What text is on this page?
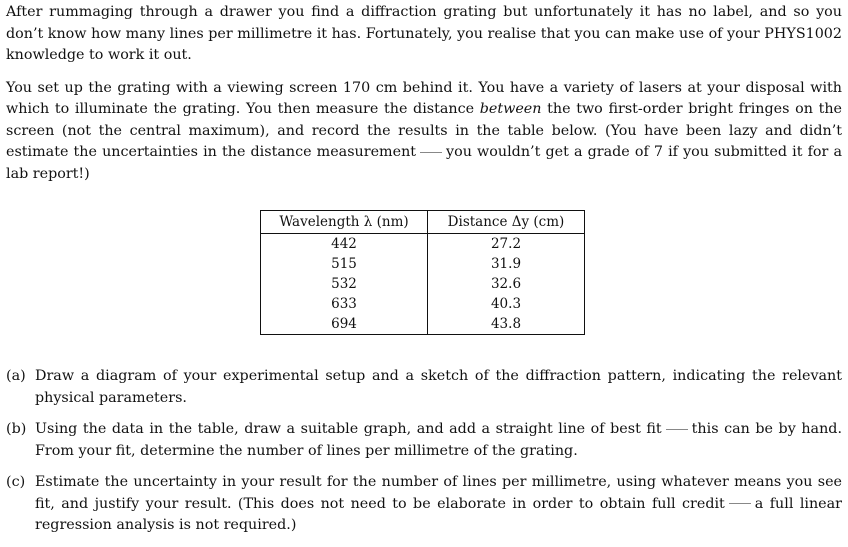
After rummaging through a drawer you find a diffraction grating but unfortunately it has no label, and so you don’t know how many lines per millimetre it has. Fortunately, you realise that you can make use of your PHYS1002 knowledge to work it out.

You set up the grating with a viewing screen 170 cm behind it. You have a variety of lasers at your disposal with which to illuminate the grating. You then measure the distance between the two first-order bright fringes on the screen (not the central maximum), and record the results in the table below. (You have been lazy and didn’t estimate the uncertainties in the distance measurement you wouldn’t get a grade of 7 if you submitted it for a lab report!)

Wavelength λ (nm)	Distance Δy (cm)
442	27.2
515	31.9
532	32.6
633	40.3
694	43.8
(a) Draw a diagram of your experimental setup and a sketch of the diffraction pattern, indicating the relevant physical parameters.
(b) Using the data in the table, draw a suitable graph, and add a straight line of best fit this can be by hand. From your fit, determine the number of lines per millimetre of the grating.
(c) Estimate the uncertainty in your result for the number of lines per millimetre, using whatever means you see fit, and justify your result. (This does not need to be elaborate in order to obtain full credit a full linear regression analysis is not required.)
